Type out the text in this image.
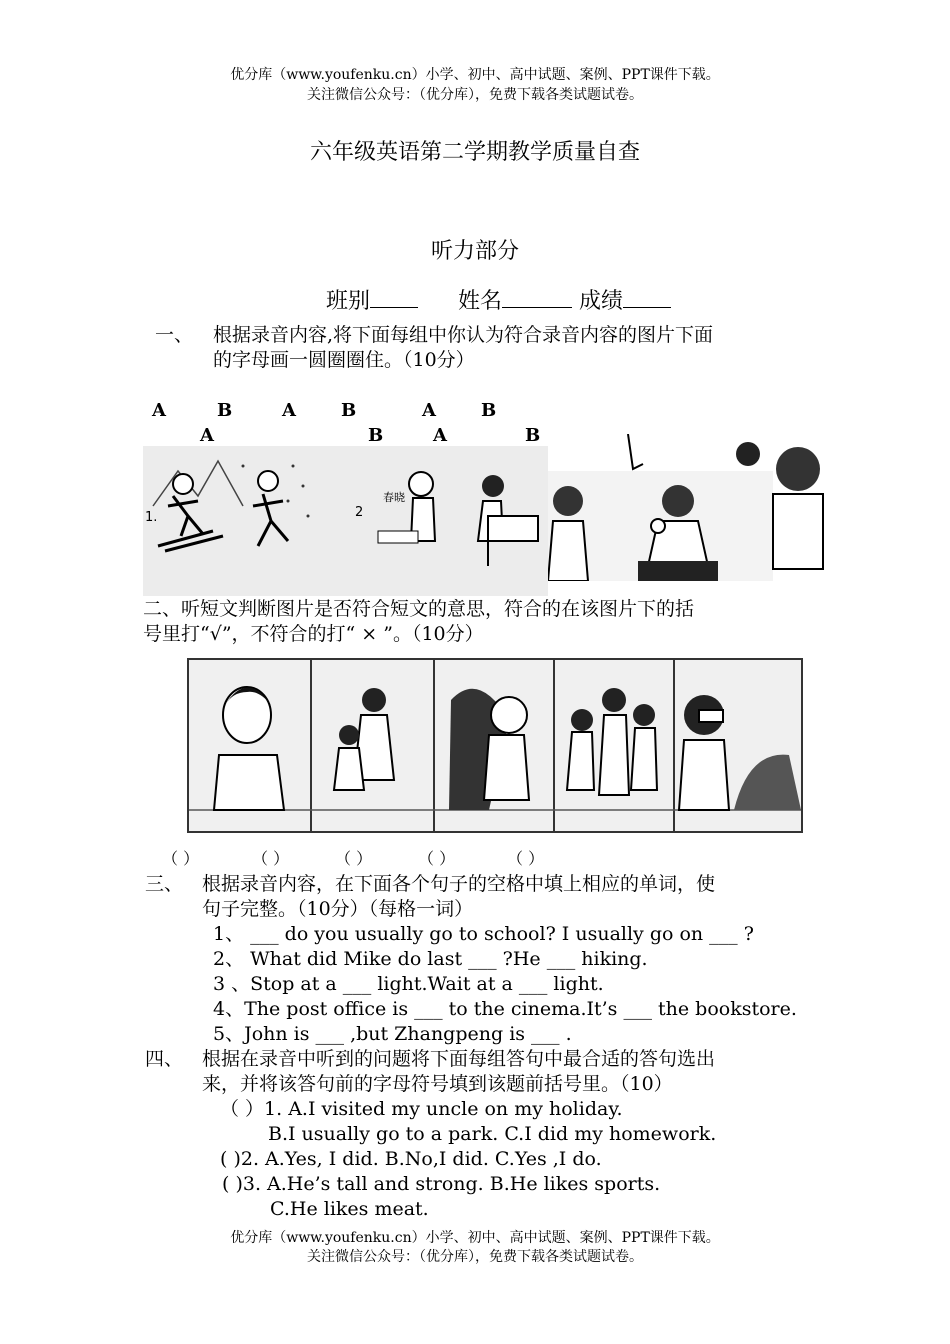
优分库（www.youfenku.cn）小学、初中、高中试题、案例、PPT课件下载。
关注微信公众号：（优分库），免费下载各类试题试卷。
六年级英语第二学期教学质量自查
听力部分
班别	姓名	成绩
一、 根据录音内容,将下面每组中你认为符合录音内容的图片下面
的字母画一圆圈圈住。（10分）
A	B	A	B	A	B
A	B	A	B
1.	2
春晓
二、听短文判断图片是否符合短文的意思，符合的在该图片下的括
号里打“√”，不符合的打“ × ”。（10分）
（ ）	（ ）	（ ）	（ ）	（ ）
三、 根据录音内容，在下面各个句子的空格中填上相应的单词，使
句子完整。（10分）（每格一词）
1、 ___ do you usually go to school? I usually go on ___ ?
2、 What did Mike do last ___ ?He ___ hiking.
3 、Stop at a ___ light.Wait at a ___ light.
4、The post office is ___ to the cinema.It’s ___ the bookstore.
5、John is ___ ,but Zhangpeng is ___ .
四、 根据在录音中听到的问题将下面每组答句中最合适的答句选出
来，并将该答句前的字母符号填到该题前括号里。（10）
（ ）1. A.I visited my uncle on my holiday.
B.I usually go to a park. C.I did my homework.
( )2. A.Yes, I did. B.No,I did. C.Yes ,I do.
( )3. A.He’s tall and strong. B.He likes sports.
C.He likes meat.
优分库（www.youfenku.cn）小学、初中、高中试题、案例、PPT课件下载。
关注微信公众号：（优分库），免费下载各类试题试卷。
